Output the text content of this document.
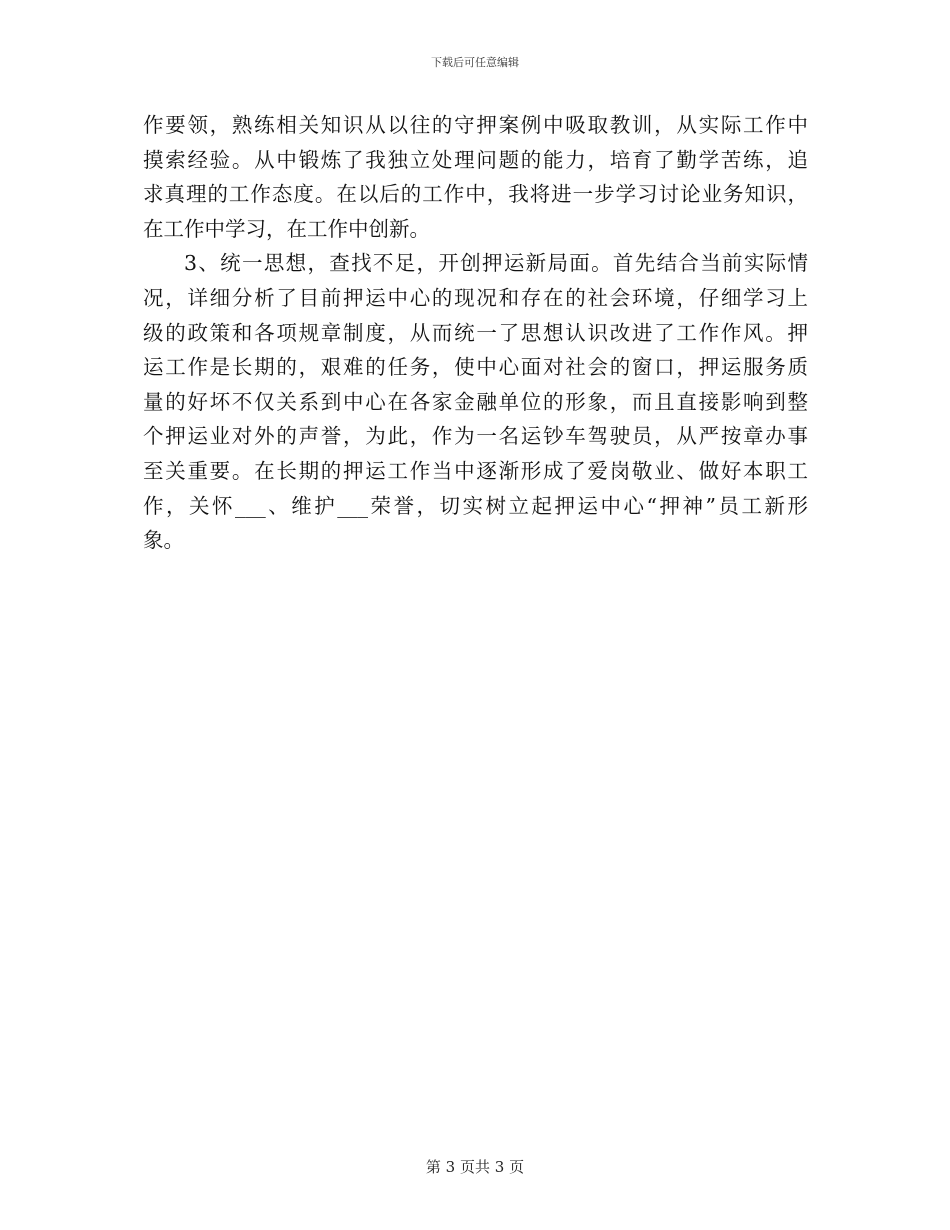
下载后可任意编辑
作要领，熟练相关知识从以往的守押案例中吸取教训，从实际工作中
摸索经验。从中锻炼了我独立处理问题的能力，培育了勤学苦练，追
求真理的工作态度。在以后的工作中，我将进一步学习讨论业务知识，
在工作中学习，在工作中创新。
3、统一思想，查找不足，开创押运新局面。首先结合当前实际情
况，详细分析了目前押运中心的现况和存在的社会环境，仔细学习上
级的政策和各项规章制度，从而统一了思想认识改进了工作作风。押
运工作是长期的，艰难的任务，使中心面对社会的窗口，押运服务质
量的好坏不仅关系到中心在各家金融单位的形象，而且直接影响到整
个押运业对外的声誉，为此，作为一名运钞车驾驶员，从严按章办事
至关重要。在长期的押运工作当中逐渐形成了爱岗敬业、做好本职工
作，关怀___、维护___荣誉，切实树立起押运中心“押神”员工新形
象。
第 3 页共 3 页
